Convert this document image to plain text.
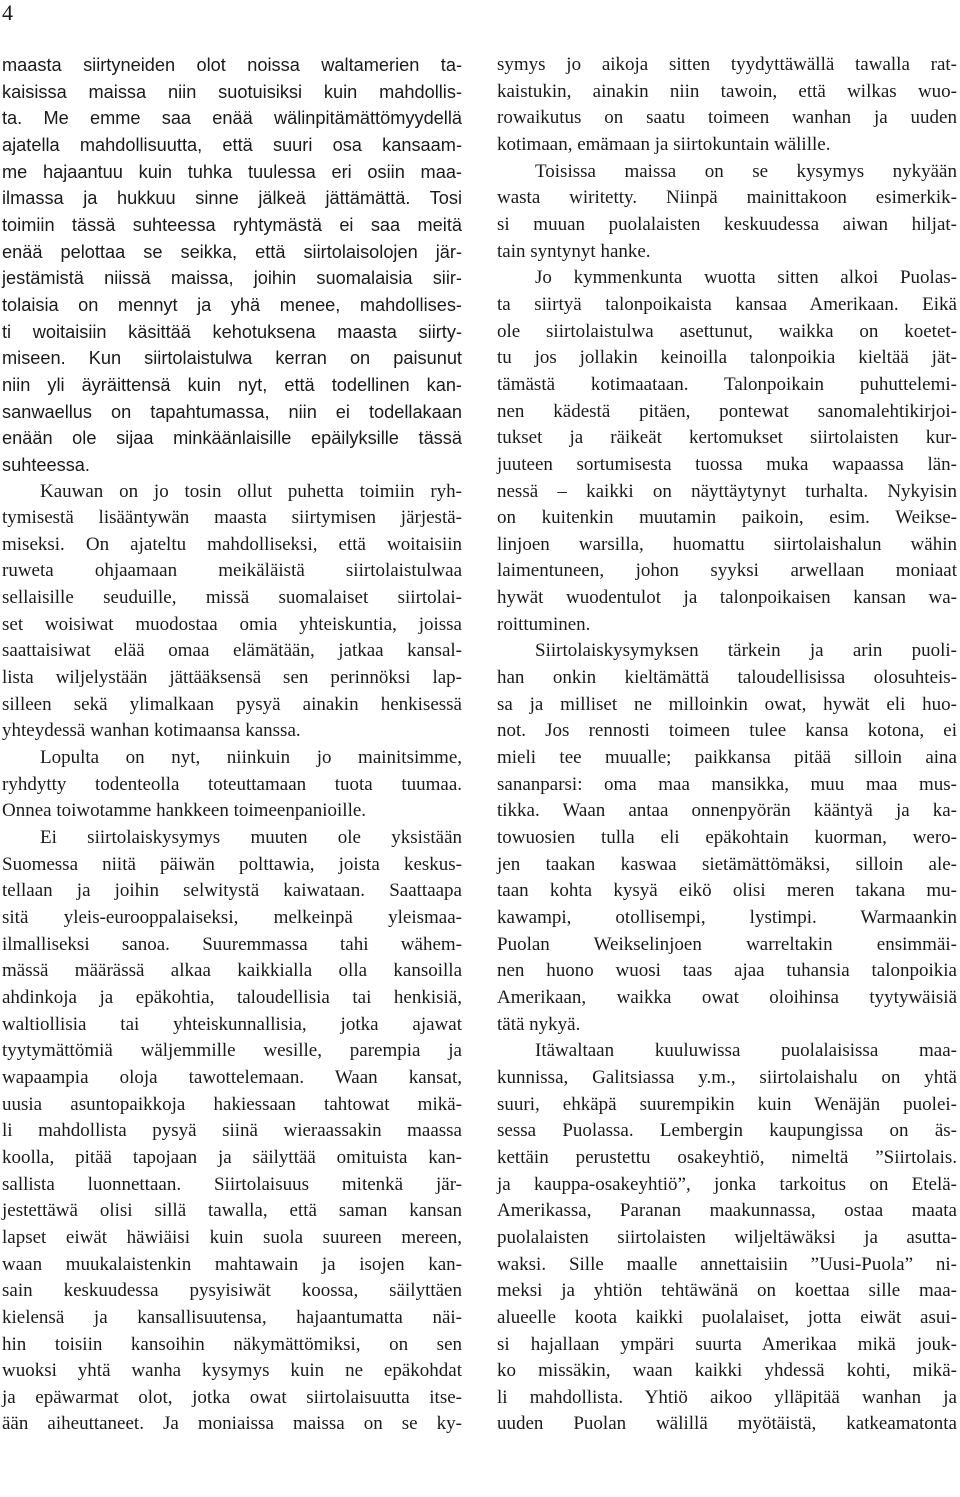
4
maasta siirtyneiden olot noissa waltamerien ta-
kaisissa maissa niin suotuisiksi kuin mahdollis-
ta. Me emme saa enää wälinpitämättömyydellä
ajatella mahdollisuutta, että suuri osa kansaam-
me hajaantuu kuin tuhka tuulessa eri osiin maa-
ilmassa ja hukkuu sinne jälkeä jättämättä. Tosi
toimiin tässä suhteessa ryhtymästä ei saa meitä
enää pelottaa se seikka, että siirtolaisolojen jär-
jestämistä niissä maissa, joihin suomalaisia siir-
tolaisia on mennyt ja yhä menee, mahdollises-
ti woitaisiin käsittää kehotuksena maasta siirty-
miseen. Kun siirtolaistulwa kerran on paisunut
niin yli äyräittensä kuin nyt, että todellinen kan-
sanwaellus on tapahtumassa, niin ei todellakaan
enään ole sijaa minkäänlaisille epäilyksille tässä
suhteessa.
Kauwan on jo tosin ollut puhetta toimiin ryh-
tymisestä lisääntywän maasta siirtymisen järjestä-
miseksi. On ajateltu mahdolliseksi, että woitaisiin
ruweta ohjaamaan meikäläistä siirtolaistulwaa
sellaisille seuduille, missä suomalaiset siirtolai-
set woisiwat muodostaa omia yhteiskuntia, joissa
saattaisiwat elää omaa elämätään, jatkaa kansal-
lista wiljelystään jättääksensä sen perinnöksi lap-
silleen sekä ylimalkaan pysyä ainakin henkisessä
yhteydessä wanhan kotimaansa kanssa.
Lopulta on nyt, niinkuin jo mainitsimme,
ryhdytty todenteolla toteuttamaan tuota tuumaa.
Onnea toiwotamme hankkeen toimeenpanioille.
Ei siirtolaiskysymys muuten ole yksistään
Suomessa niitä päiwän polttawia, joista keskus-
tellaan ja joihin selwitystä kaiwataan. Saattaapa
sitä yleis-eurooppalaiseksi, melkeinpä yleismaa-
ilmalliseksi sanoa. Suuremmassa tahi wähem-
mässä määrässä alkaa kaikkialla olla kansoilla
ahdinkoja ja epäkohtia, taloudellisia tai henkisiä,
waltiollisia tai yhteiskunnallisia, jotka ajawat
tyytymättömiä wäljemmille wesille, parempia ja
wapaampia oloja tawottelemaan. Waan kansat,
uusia asuntopaikkoja hakiessaan tahtowat mikä-
li mahdollista pysyä siinä wieraassakin maassa
koolla, pitää tapojaan ja säilyttää omituista kan-
sallista luonnettaan. Siirtolaisuus mitenkä jär-
jestettäwä olisi sillä tawalla, että saman kansan
lapset eiwät häwiäisi kuin suola suureen mereen,
waan muukalaistenkin mahtawain ja isojen kan-
sain keskuudessa pysyisiwät koossa, säilyttäen
kielensä ja kansallisuutensa, hajaantumatta näi-
hin toisiin kansoihin näkymättömiksi, on sen
wuoksi yhtä wanha kysymys kuin ne epäkohdat
ja epäwarmat olot, jotka owat siirtolaisuutta itse-
ään aiheuttaneet. Ja moniaissa maissa on se ky-
symys jo aikoja sitten tyydyttäwällä tawalla rat-
kaistukin, ainakin niin tawoin, että wilkas wuo-
rowaikutus on saatu toimeen wanhan ja uuden
kotimaan, emämaan ja siirtokuntain wälille.
Toisissa maissa on se kysymys nykyään
wasta wiritetty. Niinpä mainittakoon esimerkik-
si muuan puolalaisten keskuudessa aiwan hiljat-
tain syntynyt hanke.
Jo kymmenkunta wuotta sitten alkoi Puolas-
ta siirtyä talonpoikaista kansaa Amerikaan. Eikä
ole siirtolaistulwa asettunut, waikka on koetet-
tu jos jollakin keinoilla talonpoikia kieltää jät-
tämästä kotimaataan. Talonpoikain puhuttelemi-
nen kädestä pitäen, pontewat sanomalehtikirjoi-
tukset ja räikeät kertomukset siirtolaisten kur-
juuteen sortumisesta tuossa muka wapaassa län-
nessä – kaikki on näyttäytynyt turhalta. Nykyisin
on kuitenkin muutamin paikoin, esim. Weikse-
linjoen warsilla, huomattu siirtolaishalun wähin
laimentuneen, johon syyksi arwellaan moniaat
hywät wuodentulot ja talonpoikaisen kansan wa-
roittuminen.
Siirtolaiskysymyksen tärkein ja arin puoli-
han onkin kieltämättä taloudellisissa olosuhteis-
sa ja milliset ne milloinkin owat, hywät eli huo-
not. Jos rennosti toimeen tulee kansa kotona, ei
mieli tee muualle; paikkansa pitää silloin aina
sananparsi: oma maa mansikka, muu maa mus-
tikka. Waan antaa onnenpyörän kääntyä ja ka-
towuosien tulla eli epäkohtain kuorman, wero-
jen taakan kaswaa sietämättömäksi, silloin ale-
taan kohta kysyä eikö olisi meren takana mu-
kawampi, otollisempi, lystimpi. Warmaankin
Puolan Weikselinjoen warreltakin ensimmäi-
nen huono wuosi taas ajaa tuhansia talonpoikia
Amerikaan, waikka owat oloihinsa tyytywäisiä
tätä nykyä.
Itäwaltaan kuuluwissa puolalaisissa maa-
kunnissa, Galitsiassa y.m., siirtolaishalu on yhtä
suuri, ehkäpä suurempikin kuin Wenäjän puolei-
sessa Puolassa. Lembergin kaupungissa on äs-
kettäin perustettu osakeyhtiö, nimeltä ”Siirtolais.
ja kauppa-osakeyhtiö”, jonka tarkoitus on Etelä-
Amerikassa, Paranan maakunnassa, ostaa maata
puolalaisten siirtolaisten wiljeltäwäksi ja asutta-
waksi. Sille maalle annettaisiin ”Uusi-Puola” ni-
meksi ja yhtiön tehtäwänä on koettaa sille maa-
alueelle koota kaikki puolalaiset, jotta eiwät asui-
si hajallaan ympäri suurta Amerikaa mikä jouk-
ko missäkin, waan kaikki yhdessä kohti, mikä-
li mahdollista. Yhtiö aikoo ylläpitää wanhan ja
uuden Puolan wälillä myötäistä, katkeamatonta
